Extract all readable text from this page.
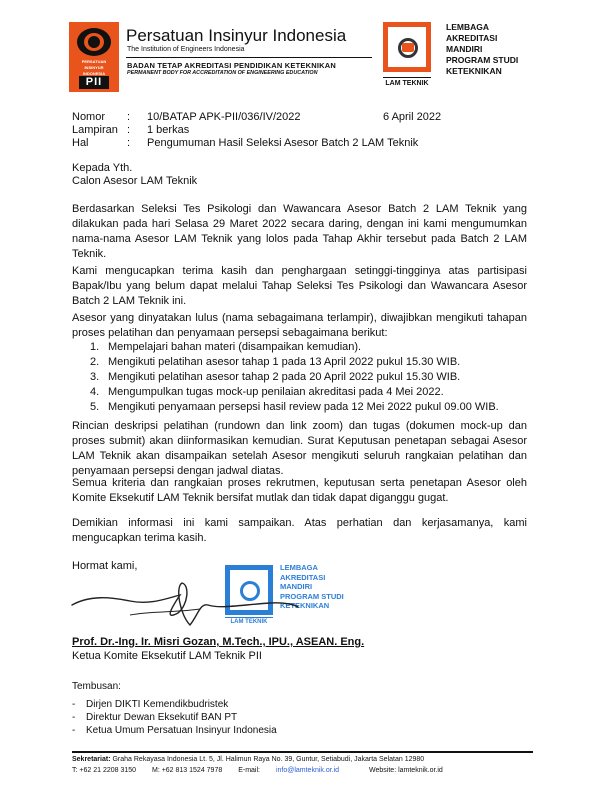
PERSATUAN
INSINYUR
INDONESIA
PII
Persatuan Insinyur Indonesia
The Institution of Engineers Indonesia
BADAN TETAP AKREDITASI PENDIDIKAN KETEKNIKAN
PERMANENT BODY FOR ACCREDITATION OF ENGINEERING EDUCATION
LAM TEKNIK
LEMBAGA
AKREDITASI
MANDIRI
PROGRAM STUDI
KETEKNIKAN
Nomor : 10/BATAP APK-PII/036/IV/2022	6 April 2022
Lampiran : 1 berkas
Hal	: Pengumuman Hasil Seleksi Asesor Batch 2 LAM Teknik
Kepada Yth.
Calon Asesor LAM Teknik
Berdasarkan Seleksi Tes Psikologi dan Wawancara Asesor Batch 2 LAM Teknik yang dilakukan pada hari Selasa 29 Maret 2022 secara daring, dengan ini kami mengumumkan nama-nama Asesor LAM Teknik yang lolos pada Tahap Akhir tersebut pada Batch 2 LAM Teknik.
Kami mengucapkan terima kasih dan penghargaan setinggi-tingginya atas partisipasi Bapak/Ibu yang belum dapat melalui Tahap Seleksi Tes Psikologi dan Wawancara Asesor Batch 2 LAM Teknik ini.
Asesor yang dinyatakan lulus (nama sebagaimana terlampir), diwajibkan mengikuti tahapan proses pelatihan dan penyamaan persepsi sebagaimana berikut:
1. Mempelajari bahan materi (disampaikan kemudian).
2. Mengikuti pelatihan asesor tahap 1 pada 13 April 2022 pukul 15.30 WIB.
3. Mengikuti pelatihan asesor tahap 2 pada 20 April 2022 pukul 15.30 WIB.
4. Mengumpulkan tugas mock-up penilaian akreditasi pada 4 Mei 2022.
5. Mengikuti penyamaan persepsi hasil review pada 12 Mei 2022 pukul 09.00 WIB.
Rincian deskripsi pelatihan (rundown dan link zoom) dan tugas (dokumen mock-up dan proses submit) akan diinformasikan kemudian. Surat Keputusan penetapan sebagai Asesor LAM Teknik akan disampaikan setelah Asesor mengikuti seluruh rangkaian pelatihan dan penyamaan persepsi dengan jadwal diatas.
Semua kriteria dan rangkaian proses rekrutmen, keputusan serta penetapan Asesor oleh Komite Eksekutif LAM Teknik bersifat mutlak dan tidak dapat diganggu gugat.
Demikian informasi ini kami sampaikan. Atas perhatian dan kerjasamanya, kami mengucapkan terima kasih.
Hormat kami,
LAM TEKNIK
LEMBAGA
AKREDITASI
MANDIRI
PROGRAM STUDI
KETEKNIKAN
Prof. Dr.-Ing. Ir. Misri Gozan, M.Tech., IPU., ASEAN. Eng.
Ketua Komite Eksekutif LAM Teknik PII
Tembusan:
- Dirjen DIKTI Kemendikbudristek
- Direktur Dewan Eksekutif BAN PT
- Ketua Umum Persatuan Insinyur Indonesia
Sekretariat: Graha Rekayasa Indonesia Lt. 5, Jl. Halimun Raya No. 39, Guntur, Setiabudi, Jakarta Selatan 12980
T: +62 21 2208 3150 M: +62 813 1524 7978 E-mail: info@lamteknik.or.id	Website: lamteknik.or.id
